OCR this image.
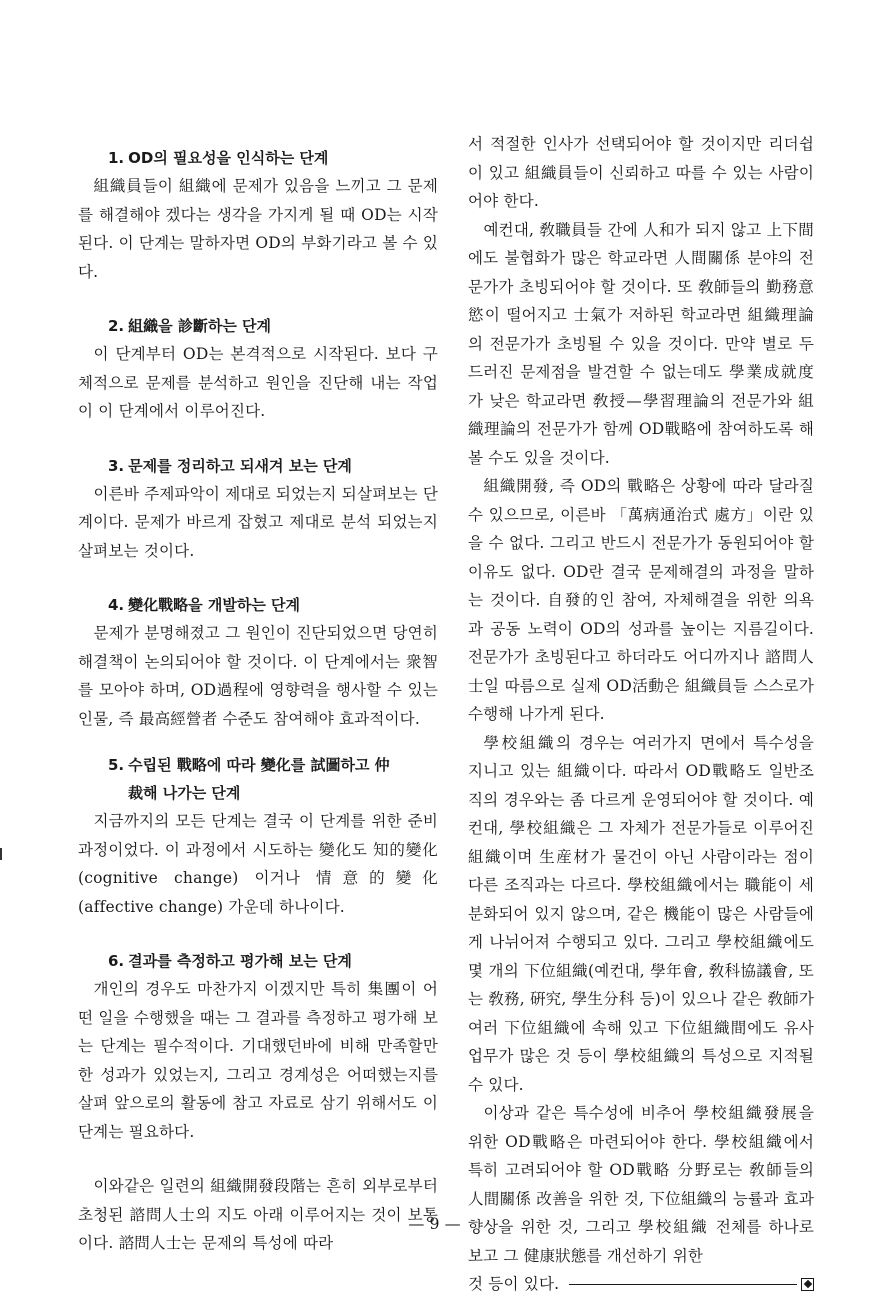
1. OD의 필요성을 인식하는 단계

組織員들이 組織에 문제가 있음을 느끼고 그 문제를 해결해야 겠다는 생각을 가지게 될 때 OD는 시작된다. 이 단계는 말하자면 OD의 부화기라고 볼 수 있다.

2. 組織을 診斷하는 단계

이 단계부터 OD는 본격적으로 시작된다. 보다 구체적으로 문제를 분석하고 원인을 진단해 내는 작업이 이 단계에서 이루어진다.

3. 문제를 정리하고 되새겨 보는 단계

이른바 주제파악이 제대로 되었는지 되살펴보는 단계이다. 문제가 바르게 잡혔고 제대로 분석 되었는지 살펴보는 것이다.

4. 變化戰略을 개발하는 단계

문제가 분명해졌고 그 원인이 진단되었으면 당연히 해결책이 논의되어야 할 것이다. 이 단계에서는 衆智를 모아야 하며, OD過程에 영향력을 행사할 수 있는 인물, 즉 最高經營者 수준도 참여해야 효과적이다.

5. 수립된 戰略에 따라 變化를 試圖하고 仲
裁해 나가는 단계

지금까지의 모든 단계는 결국 이 단계를 위한 준비과정이었다. 이 과정에서 시도하는 變化도 知的變化 (cognitive change) 이거나 情意的變化 (affective change) 가운데 하나이다.

6. 결과를 측정하고 평가해 보는 단계

개인의 경우도 마찬가지 이겠지만 특히 集團이 어떤 일을 수행했을 때는 그 결과를 측정하고 평가해 보는 단계는 필수적이다. 기대했던바에 비해 만족할만한 성과가 있었는지, 그리고 경계성은 어떠했는지를 살펴 앞으로의 활동에 참고 자료로 삼기 위해서도 이 단계는 필요하다.

이와같은 일련의 組織開發段階는 흔히 외부로부터 초청된 諮問人士의 지도 아래 이루어지는 것이 보통이다. 諮問人士는 문제의 특성에 따라

서 적절한 인사가 선택되어야 할 것이지만 리더쉽이 있고 組織員들이 신뢰하고 따를 수 있는 사람이어야 한다.

예컨대, 敎職員들 간에 人和가 되지 않고 上下間에도 불협화가 많은 학교라면 人間關係 분야의 전문가가 초빙되어야 할 것이다. 또 敎師들의 勤務意慾이 떨어지고 士氣가 저하된 학교라면 組織理論의 전문가가 초빙될 수 있을 것이다. 만약 별로 두드러진 문제점을 발견할 수 없는데도 學業成就度가 낮은 학교라면 敎授—學習理論의 전문가와 組織理論의 전문가가 함께 OD戰略에 참여하도록 해 볼 수도 있을 것이다.

組織開發, 즉 OD의 戰略은 상황에 따라 달라질 수 있으므로, 이른바 「萬病通治式 處方」이란 있을 수 없다. 그리고 반드시 전문가가 동원되어야 할 이유도 없다. OD란 결국 문제해결의 과정을 말하는 것이다. 自發的인 참여, 자체해결을 위한 의욕과 공동 노력이 OD의 성과를 높이는 지름길이다. 전문가가 초빙된다고 하더라도 어디까지나 諮問人士일 따름으로 실제 OD活動은 組織員들 스스로가 수행해 나가게 된다.

學校組織의 경우는 여러가지 면에서 특수성을 지니고 있는 組織이다. 따라서 OD戰略도 일반조직의 경우와는 좀 다르게 운영되어야 할 것이다. 예컨대, 學校組織은 그 자체가 전문가들로 이루어진 組織이며 生産材가 물건이 아닌 사람이라는 점이 다른 조직과는 다르다. 學校組織에서는 職能이 세분화되어 있지 않으며, 같은 機能이 많은 사람들에게 나뉘어져 수행되고 있다. 그리고 學校組織에도 몇 개의 下位組織(예컨대, 學年會, 敎科協議會, 또는 敎務, 硏究, 學生分科 등)이 있으나 같은 敎師가 여러 下位組織에 속해 있고 下位組織間에도 유사업무가 많은 것 등이 學校組織의 특성으로 지적될 수 있다.

이상과 같은 특수성에 비추어 學校組織發展을 위한 OD戰略은 마련되어야 한다. 學校組織에서 특히 고려되어야 할 OD戰略 分野로는 敎師들의 人間關係 改善을 위한 것, 下位組織의 능률과 효과 향상을 위한 것, 그리고 學校組織 전체를 하나로 보고 그 健康狀態를 개선하기 위한

것 등이 있다.
— 9 —
